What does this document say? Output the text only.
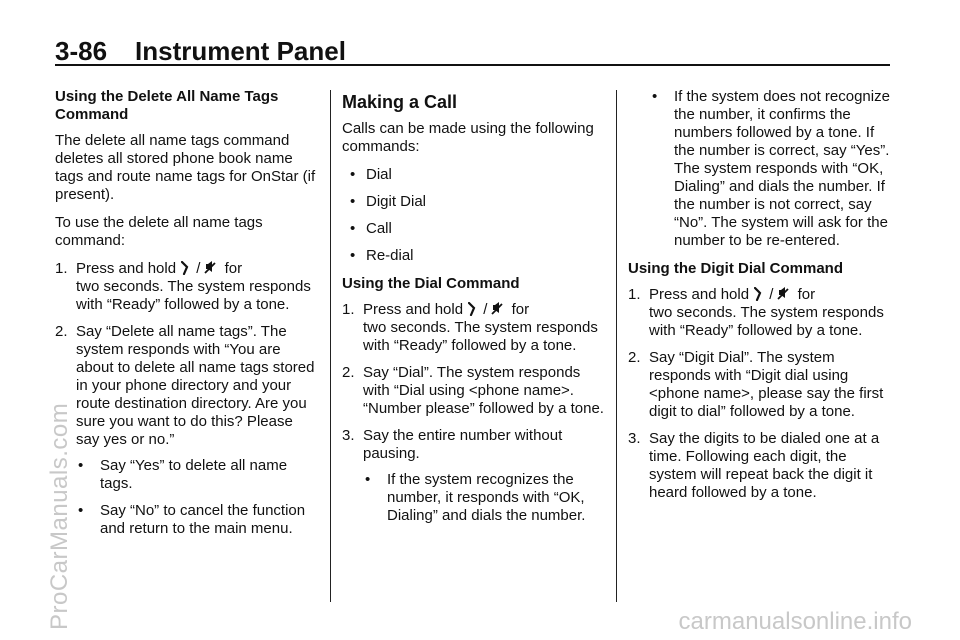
3-86 Instrument Panel

Using the Delete All Name Tags Command

The delete all name tags command deletes all stored phone book name tags and route name tags for OnStar (if present).

To use the delete all name tags command:

1. Press and hold / for
two seconds. The system responds with “Ready” followed by a tone.
2. Say “Delete all name tags”. The system responds with “You are about to delete all name tags stored in your phone directory and your route destination directory. Are you sure you want to do this? Please say yes or no.”
• Say “Yes” to delete all name tags.
• Say “No” to cancel the function and return to the main menu.
Making a Call

Calls can be made using the following commands:

• Dial
• Digit Dial
• Call
• Re-dial

Using the Dial Command

1. Press and hold / for
two seconds. The system responds with “Ready” followed by a tone.
2. Say “Dial”. The system responds with “Dial using <phone name>. “Number please” followed by a tone.
3. Say the entire number without pausing.
• If the system recognizes the number, it responds with “OK, Dialing” and dials the number.
• If the system does not recognize the number, it confirms the numbers followed by a tone. If the number is correct, say “Yes”. The system responds with “OK, Dialing” and dials the number. If the number is not correct, say “No”. The system will ask for the number to be re-entered.

Using the Digit Dial Command

1. Press and hold / for
two seconds. The system responds with “Ready” followed by a tone.
2. Say “Digit Dial”. The system responds with “Digit dial using <phone name>, please say the first digit to dial” followed by a tone.
3. Say the digits to be dialed one at a time. Following each digit, the system will repeat back the digit it heard followed by a tone.
ProCarManuals.com	carmanualsonline.info
